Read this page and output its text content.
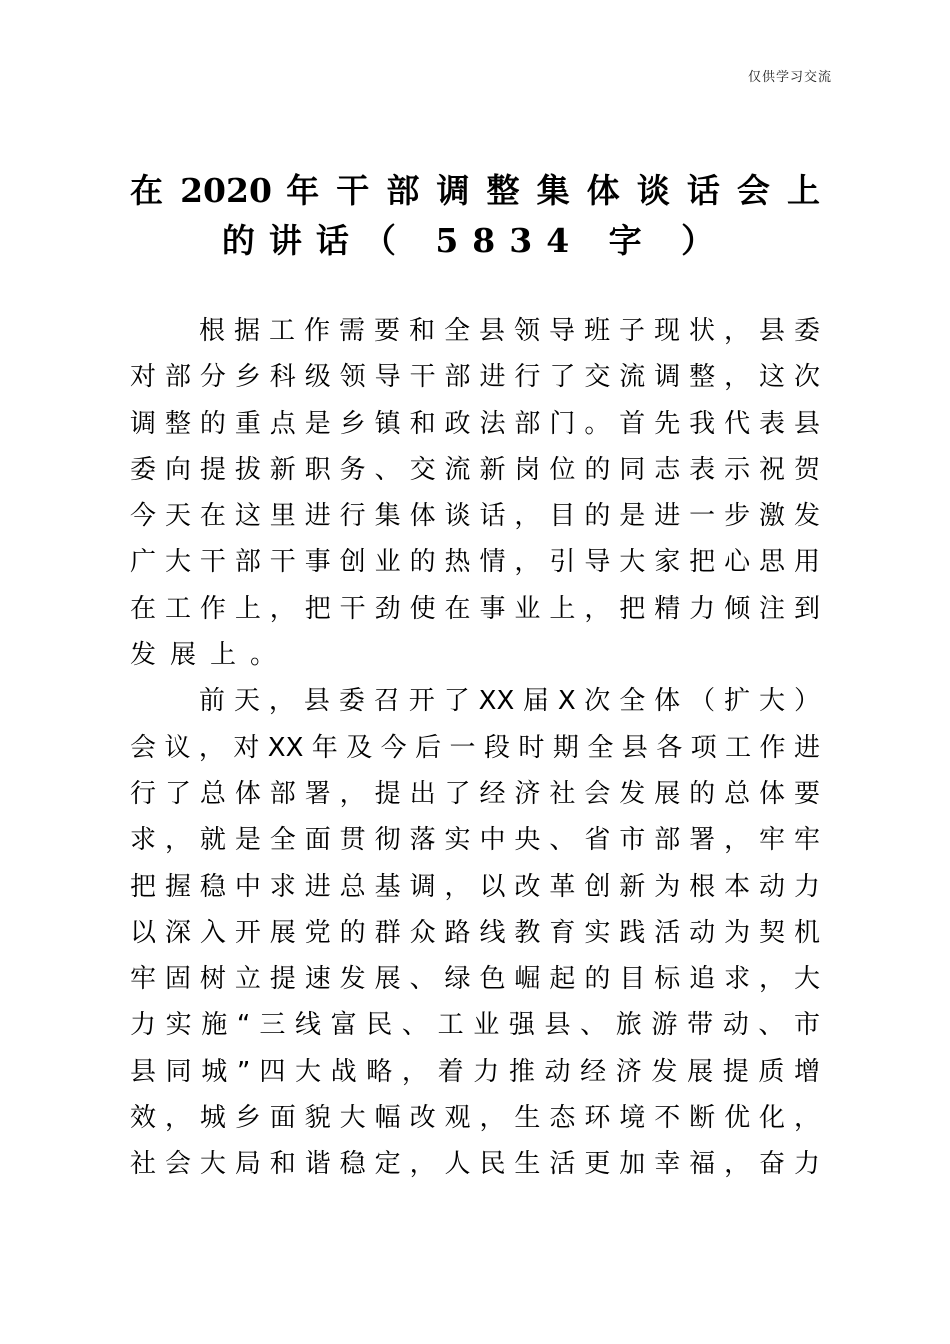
仅供学习交流
在 2020 年 干 部 调 整 集 体 谈 话 会 上
的讲话（ 5834 字 ）
根 据 工 作 需 要 和 全 县 领 导 班 子 现 状 ， 县 委
对 部 分 乡 科 级 领 导 干 部 进 行 了 交 流 调 整 ， 这 次
调 整 的 重 点 是 乡 镇 和 政 法 部 门 。 首 先 我 代 表 县
委 向 提 拔 新 职 务 、 交 流 新 岗 位 的 同 志 表 示 祝 贺
今 天 在 这 里 进 行 集 体 谈 话 ， 目 的 是 进 一 步 激 发
广 大 干 部 干 事 创 业 的 热 情 ， 引 导 大 家 把 心 思 用
在 工 作 上 ， 把 干 劲 使 在 事 业 上 ， 把 精 力 倾 注 到
发展上。
前 天 ， 县 委 召 开 了 XX 届 X 次 全 体 （ 扩 大 ）
会 议 ， 对 XX 年 及 今 后 一 段 时 期 全 县 各 项 工 作 进
行 了 总 体 部 署 ， 提 出 了 经 济 社 会 发 展 的 总 体 要
求 ， 就 是 全 面 贯 彻 落 实 中 央 、 省 市 部 署 ， 牢 牢
把 握 稳 中 求 进 总 基 调 ， 以 改 革 创 新 为 根 本 动 力
以 深 入 开 展 党 的 群 众 路 线 教 育 实 践 活 动 为 契 机
牢 固 树 立 提 速 发 展 、 绿 色 崛 起 的 目 标 追 求 ， 大
力 实 施 “ 三 线 富 民 、 工 业 强 县 、 旅 游 带 动 、 市
县 同 城 ” 四 大 战 略 ， 着 力 推 动 经 济 发 展 提 质 增
效 ， 城 乡 面 貌 大 幅 改 观 ， 生 态 环 境 不 断 优 化 ，
社 会 大 局 和 谐 稳 定 ， 人 民 生 活 更 加 幸 福 ， 奋 力
